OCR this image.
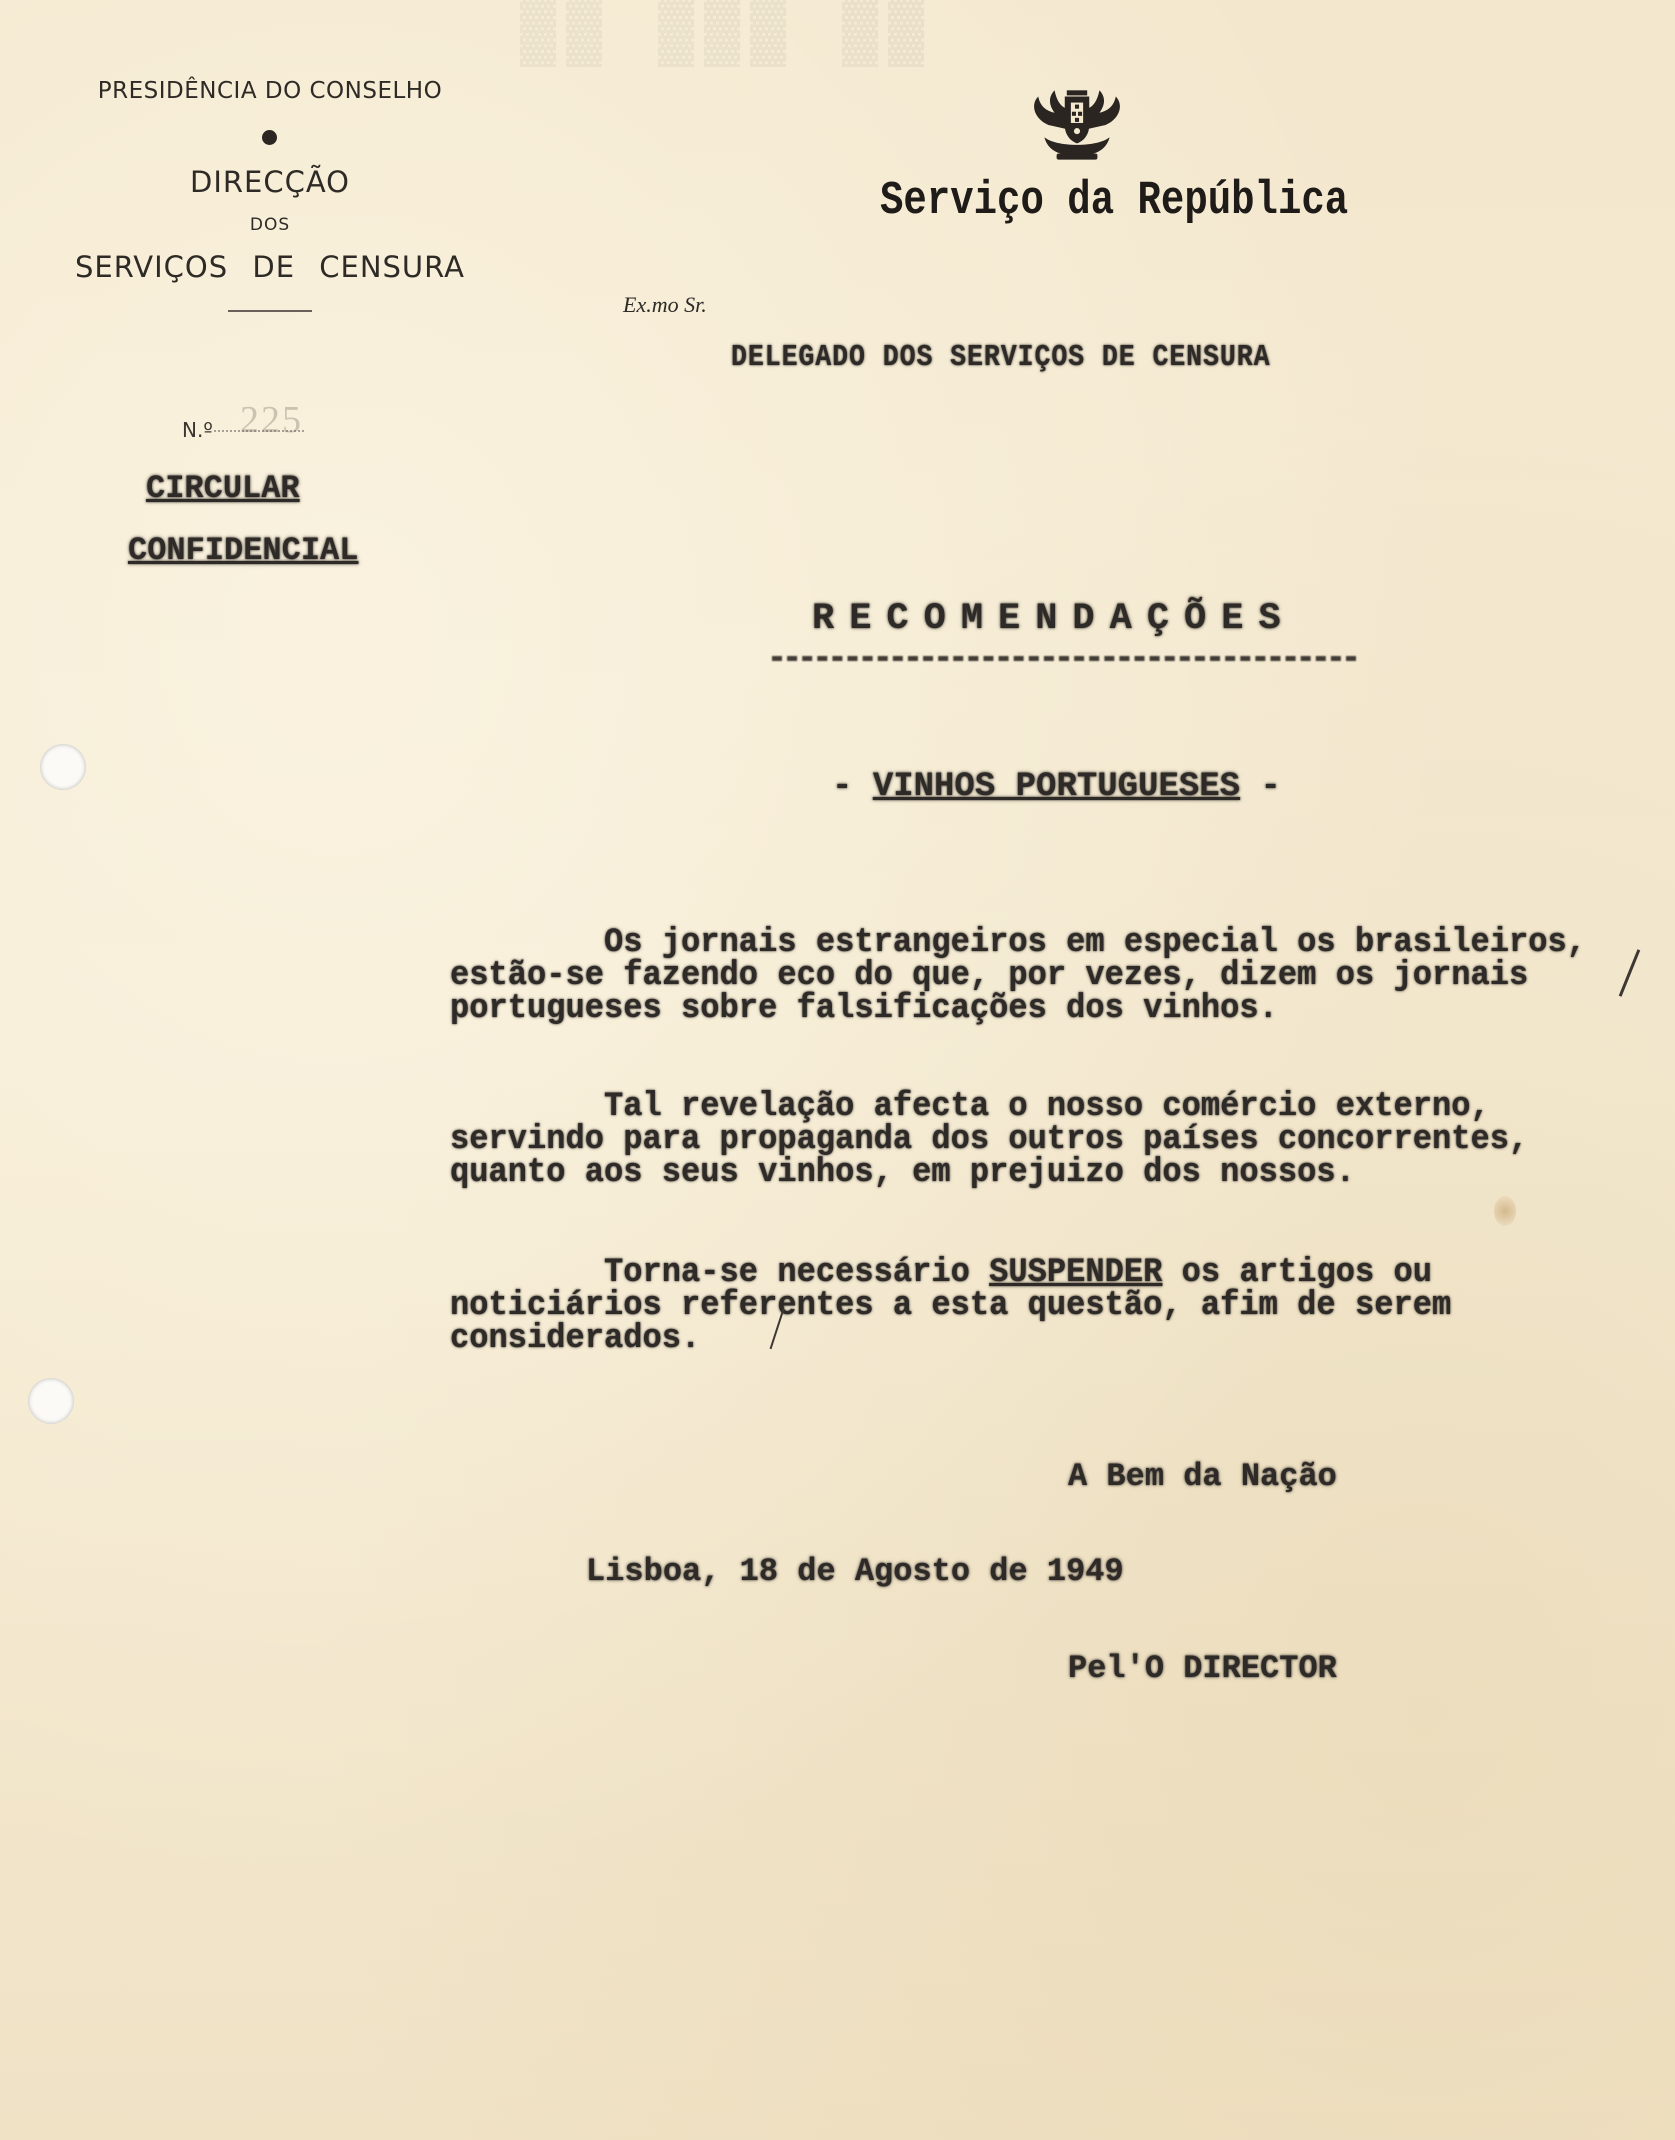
▓▓ ▓▓▓ ▓▓
PRESIDÊNCIA DO CONSELHO
DIRECÇÃO
DOS
SERVIÇOS DE CENSURA
N.º 225
CIRCULAR
CONFIDENCIAL
Serviço da República
Ex.mo Sr.
DELEGADO DOS SERVIÇOS DE CENSURA
RECOMENDAÇÕES
- VINHOS PORTUGUESES -
Os jornais estrangeiros em especial os brasileiros,
estão-se fazendo eco do que, por vezes, dizem os jornais
portugueses sobre falsificações dos vinhos.
Tal revelação afecta o nosso comércio externo,
servindo para propaganda dos outros países concorrentes,
quanto aos seus vinhos, em prejuizo dos nossos.
Torna-se necessário SUSPENDER os artigos ou
noticiários referentes a esta questão, afim de serem
considerados.
A Bem da Nação
Lisboa, 18 de Agosto de 1949
Pel'O DIRECTOR
